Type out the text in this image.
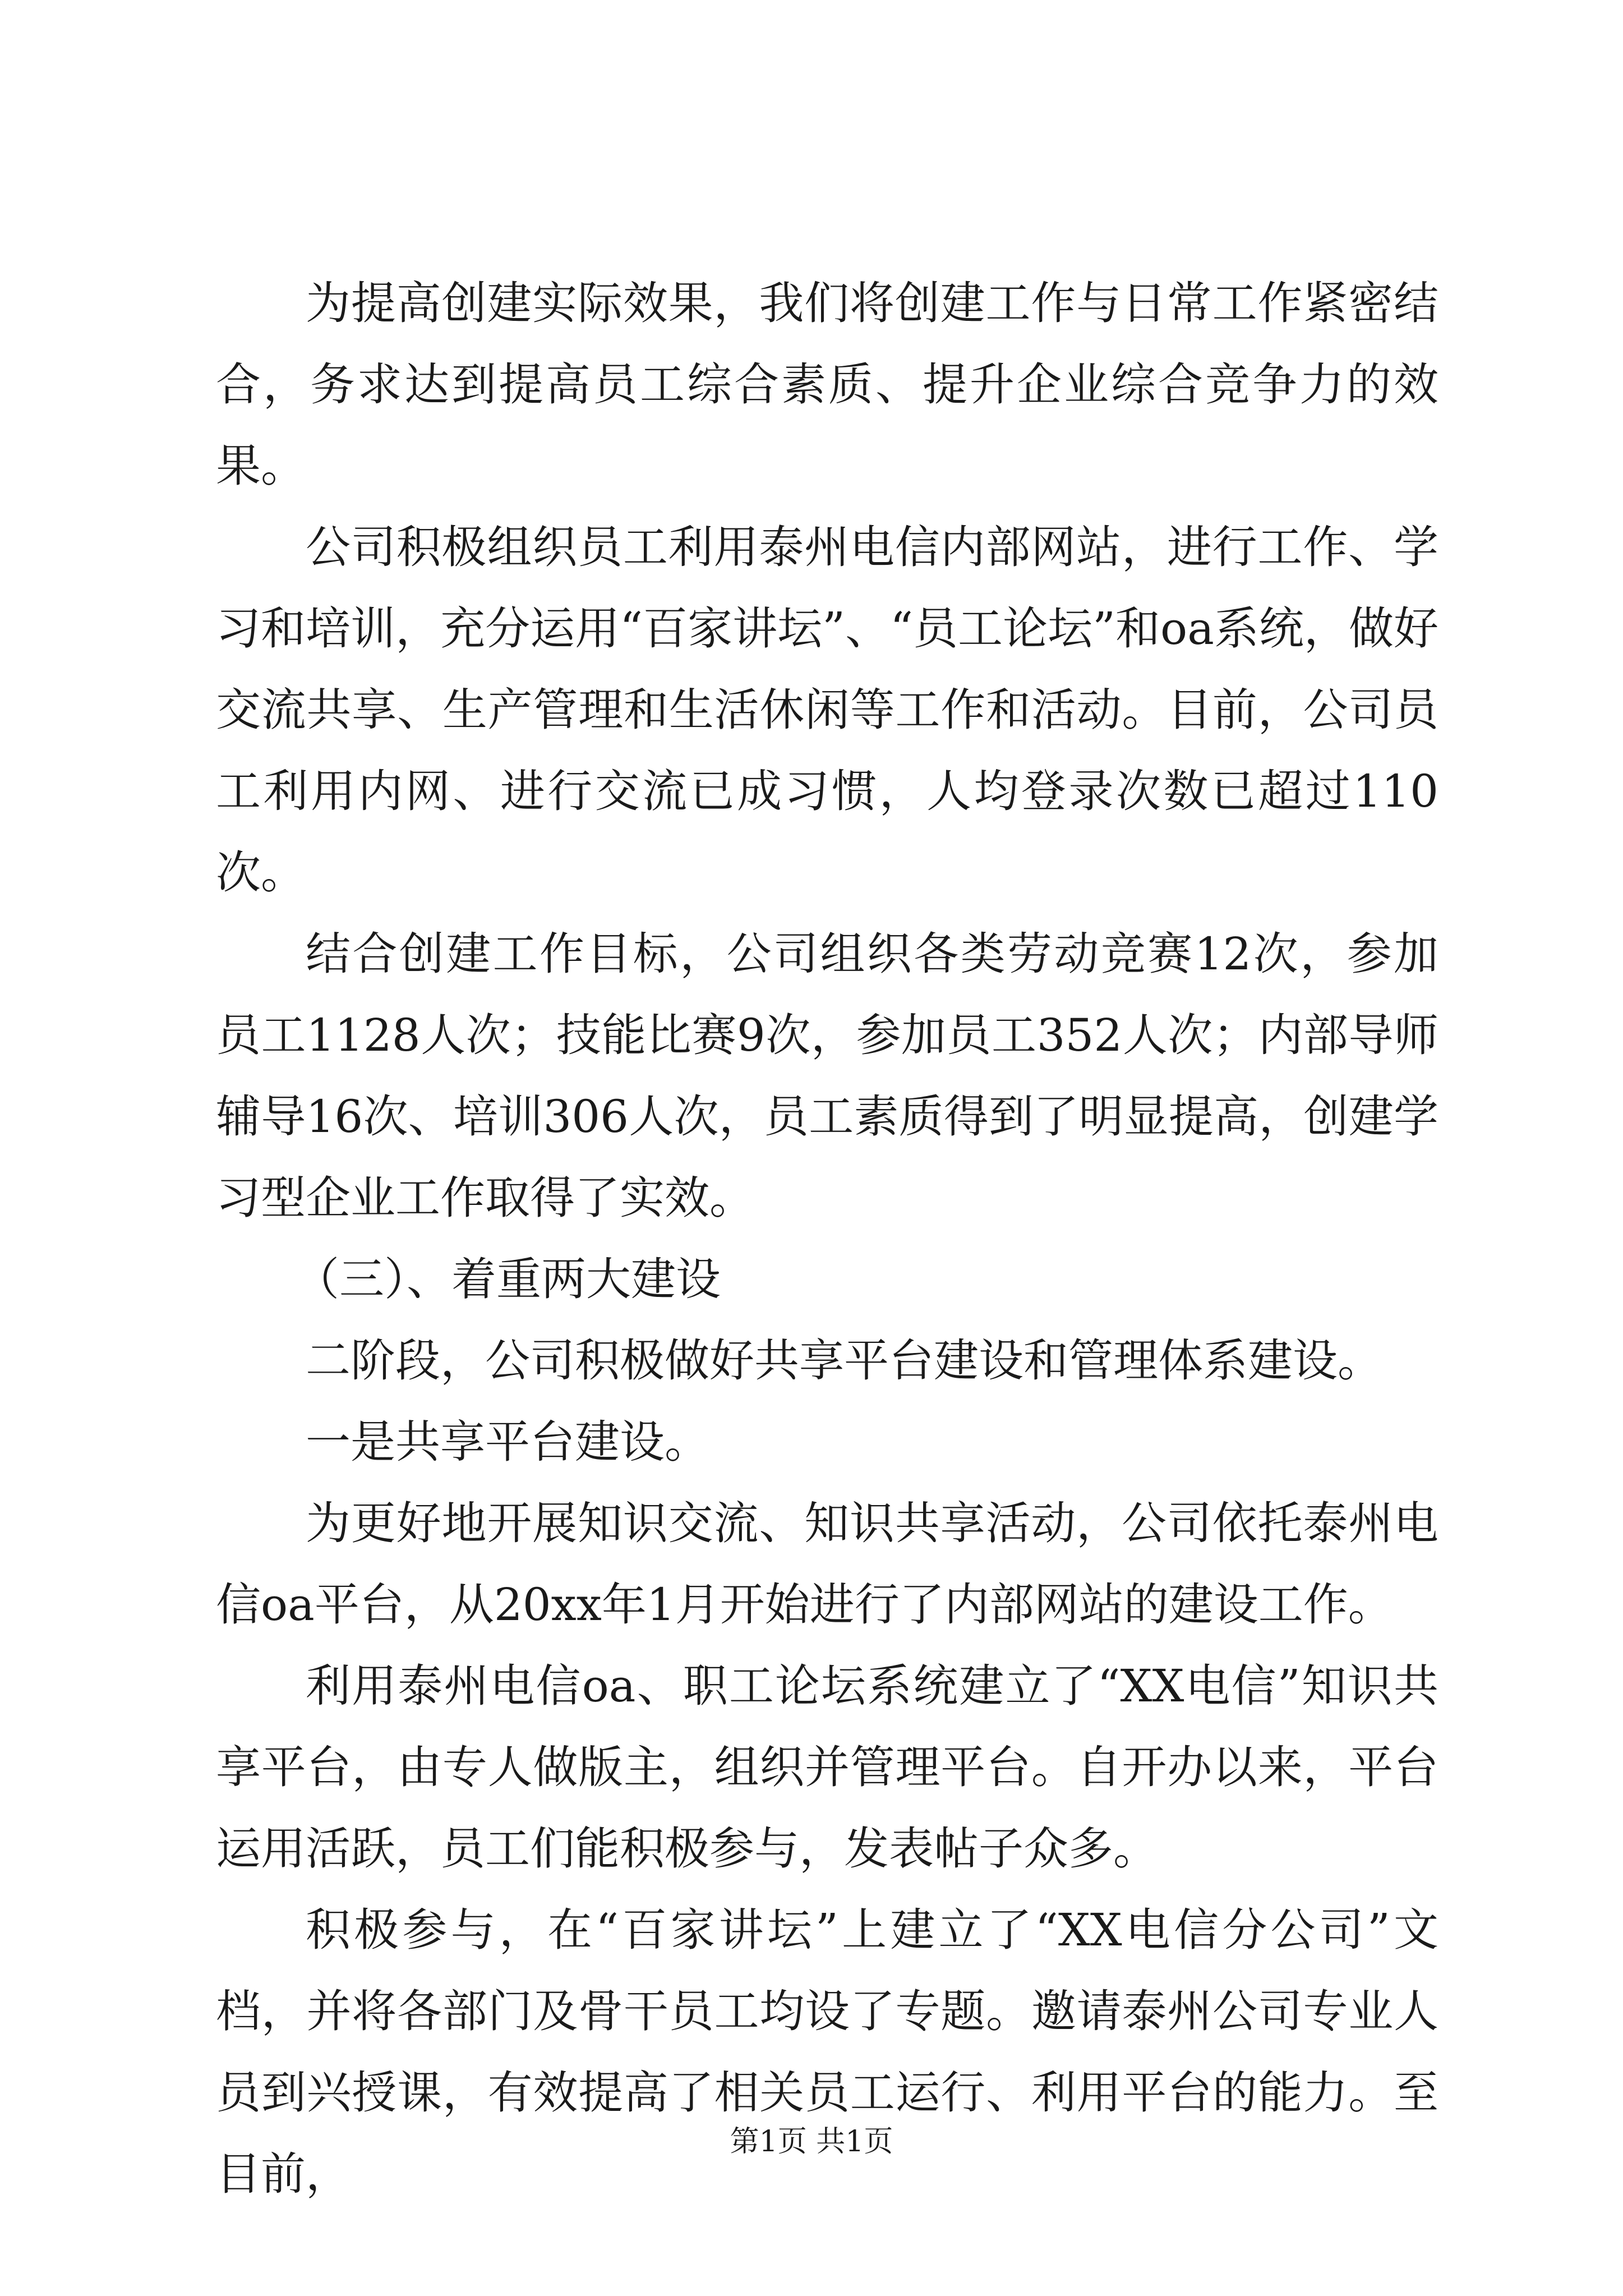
为提高创建实际效果，我们将创建工作与日常工作紧密结合，务求达到提高员工综合素质、提升企业综合竞争力的效果。

公司积极组织员工利用泰州电信内部网站，进行工作、学习和培训，充分运用“百家讲坛”、“员工论坛”和oa系统，做好交流共享、生产管理和生活休闲等工作和活动。目前，公司员工利用内网、进行交流已成习惯，人均登录次数已超过110次。

结合创建工作目标，公司组织各类劳动竞赛12次，参加员工1128人次；技能比赛9次，参加员工352人次；内部导师辅导16次、培训306人次，员工素质得到了明显提高，创建学习型企业工作取得了实效。

（三）、着重两大建设

二阶段，公司积极做好共享平台建设和管理体系建设。

一是共享平台建设。

为更好地开展知识交流、知识共享活动，公司依托泰州电信oa平台，从20xx年1月开始进行了内部网站的建设工作。

利用泰州电信oa、职工论坛系统建立了“XX电信”知识共享平台，由专人做版主，组织并管理平台。自开办以来，平台运用活跃，员工们能积极参与，发表帖子众多。

积极参与，在“百家讲坛”上建立了“XX电信分公司”文档，并将各部门及骨干员工均设了专题。邀请泰州公司专业人员到兴授课，有效提高了相关员工运行、利用平台的能力。至目前，

第1页 共1页
